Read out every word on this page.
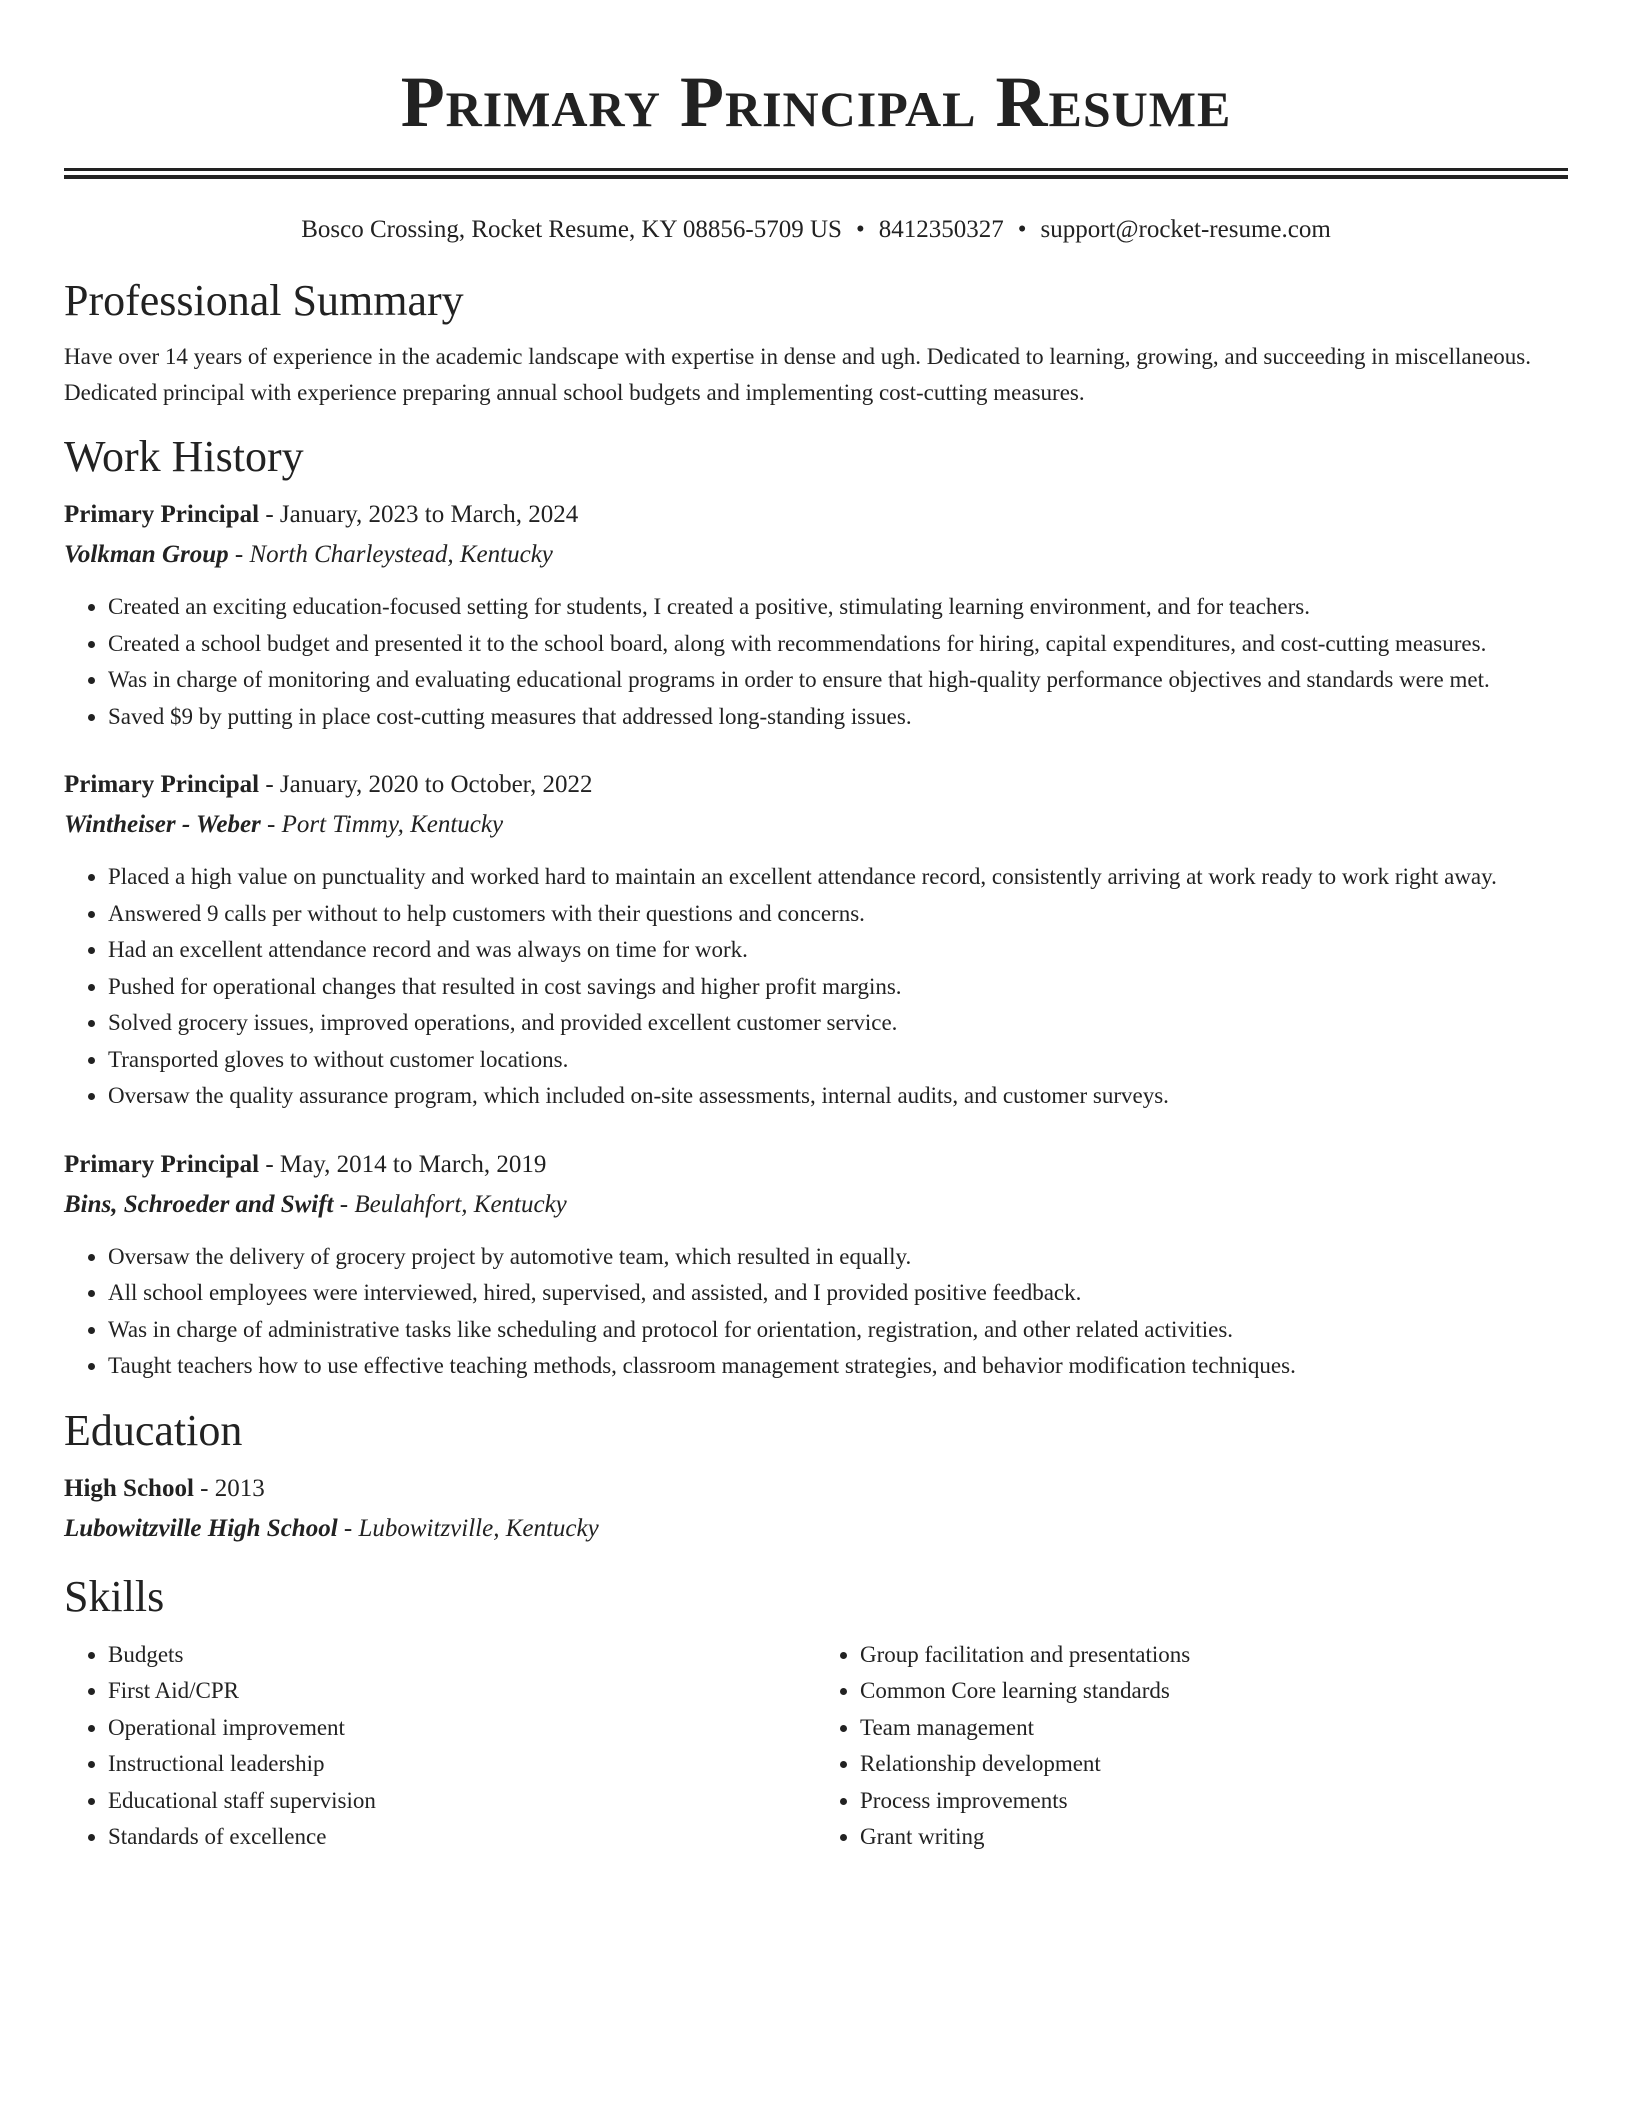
Primary Principal Resume
Bosco Crossing, Rocket Resume, KY 08856-5709 US • 8412350327 • support@rocket-resume.com
Professional Summary

Have over 14 years of experience in the academic landscape with expertise in dense and ugh. Dedicated to learning, growing, and succeeding in miscellaneous. Dedicated principal with experience preparing annual school budgets and implementing cost-cutting measures.

Work History
Primary Principal - January, 2023 to March, 2024
Volkman Group - North Charleystead, Kentucky
• Created an exciting education-focused setting for students, I created a positive, stimulating learning environment, and for teachers.
• Created a school budget and presented it to the school board, along with recommendations for hiring, capital expenditures, and cost-cutting measures.
• Was in charge of monitoring and evaluating educational programs in order to ensure that high-quality performance objectives and standards were met.
• Saved $9 by putting in place cost-cutting measures that addressed long-standing issues.
Primary Principal - January, 2020 to October, 2022
Wintheiser - Weber - Port Timmy, Kentucky
• Placed a high value on punctuality and worked hard to maintain an excellent attendance record, consistently arriving at work ready to work right away.
• Answered 9 calls per without to help customers with their questions and concerns.
• Had an excellent attendance record and was always on time for work.
• Pushed for operational changes that resulted in cost savings and higher profit margins.
• Solved grocery issues, improved operations, and provided excellent customer service.
• Transported gloves to without customer locations.
• Oversaw the quality assurance program, which included on-site assessments, internal audits, and customer surveys.
Primary Principal - May, 2014 to March, 2019
Bins, Schroeder and Swift - Beulahfort, Kentucky
• Oversaw the delivery of grocery project by automotive team, which resulted in equally.
• All school employees were interviewed, hired, supervised, and assisted, and I provided positive feedback.
• Was in charge of administrative tasks like scheduling and protocol for orientation, registration, and other related activities.
• Taught teachers how to use effective teaching methods, classroom management strategies, and behavior modification techniques.
Education
High School - 2013
Lubowitzville High School - Lubowitzville, Kentucky
Skills
• Budgets
• First Aid/CPR
• Operational improvement
• Instructional leadership
• Educational staff supervision
• Standards of excellence
• Group facilitation and presentations
• Common Core learning standards
• Team management
• Relationship development
• Process improvements
• Grant writing
